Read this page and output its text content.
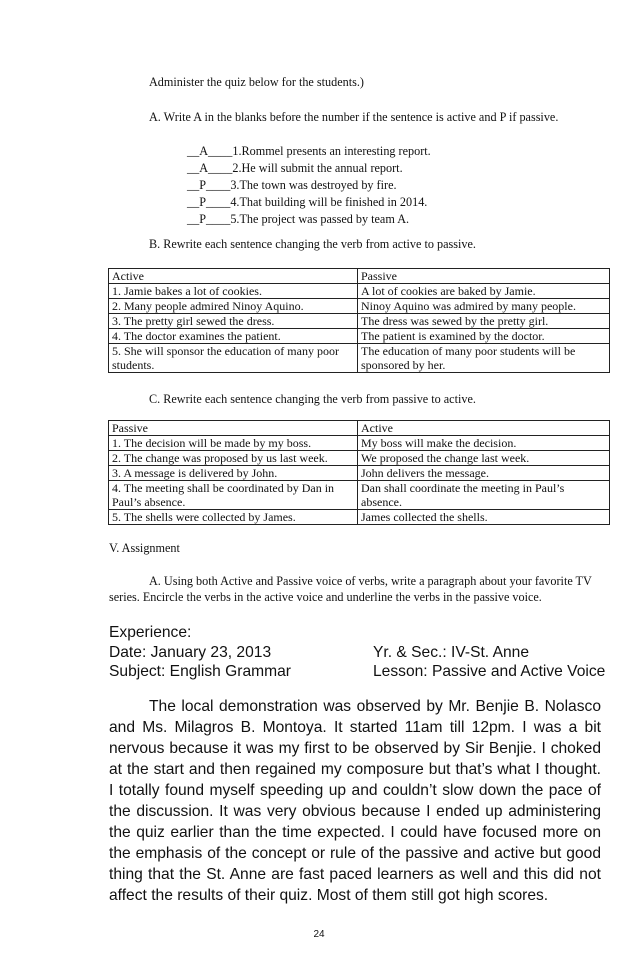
Administer the quiz below for the students.)
A. Write A in the blanks before the number if the sentence is active and P if passive.
__A____1.Rommel presents an interesting report.
__A____2.He will submit the annual report.
__P____3.The town was destroyed by fire.
__P____4.That building will be finished in 2014.
__P____5.The project was passed by team A.
B. Rewrite each sentence changing the verb from active to passive.
Active	Passive
1. Jamie bakes a lot of cookies.	A lot of cookies are baked by Jamie.
2. Many people admired Ninoy Aquino.	Ninoy Aquino was admired by many people.
3. The pretty girl sewed the dress.	The dress was sewed by the pretty girl.
4. The doctor examines the patient.	The patient is examined by the doctor.
5. She will sponsor the education of many poor students.	The education of many poor students will be sponsored by her.
C. Rewrite each sentence changing the verb from passive to active.
Passive	Active
1. The decision will be made by my boss.	My boss will make the decision.
2. The change was proposed by us last week.	We proposed the change last week.
3. A message is delivered by John.	John delivers the message.
4. The meeting shall be coordinated by Dan in Paul’s absence.	Dan shall coordinate the meeting in Paul’s absence.
5. The shells were collected by James.	James collected the shells.
V. Assignment
A. Using both Active and Passive voice of verbs, write a paragraph about your favorite TV
series. Encircle the verbs in the active voice and underline the verbs in the passive voice.
Experience:
Date: January 23, 2013	Yr. & Sec.: IV-St. Anne
Subject: English Grammar	Lesson: Passive and Active Voice
The local demonstration was observed by Mr. Benjie B. Nolasco and Ms. Milagros B. Montoya. It started 11am till 12pm. I was a bit nervous because it was my first to be observed by Sir Benjie. I choked at the start and then regained my composure but that’s what I thought. I totally found myself speeding up and couldn’t slow down the pace of the discussion. It was very obvious because I ended up administering the quiz earlier than the time expected. I could have focused more on the emphasis of the concept or rule of the passive and active but good thing that the St. Anne are fast paced learners as well and this did not affect the results of their quiz. Most of them still got high scores.
24
